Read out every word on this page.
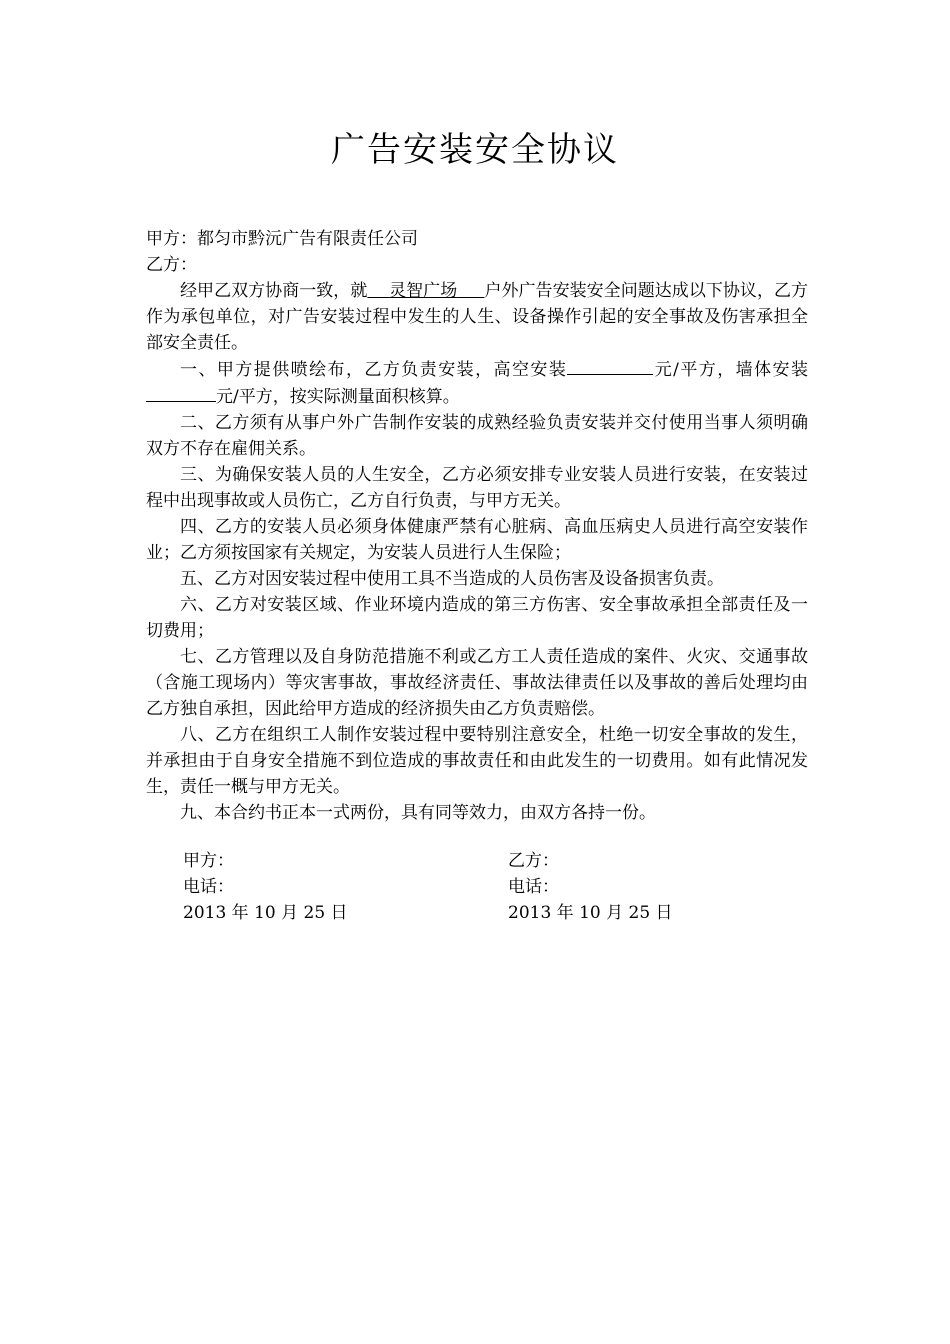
广告安装安全协议
甲方：都匀市黔沅广告有限责任公司
乙方：
经甲乙双方协商一致，就 灵智广场 户外广告安装安全问题达成以下协议，乙方作为承包单位，对广告安装过程中发生的人生、设备操作引起的安全事故及伤害承担全部安全责任。
一、甲方提供喷绘布，乙方负责安装，高空安装	元/平方，墙体安装元/平方，按实际测量面积核算。
二、乙方须有从事户外广告制作安装的成熟经验负责安装并交付使用当事人须明确双方不存在雇佣关系。
三、为确保安装人员的人生安全，乙方必须安排专业安装人员进行安装，在安装过程中出现事故或人员伤亡，乙方自行负责，与甲方无关。
四、乙方的安装人员必须身体健康严禁有心脏病、高血压病史人员进行高空安装作业；乙方须按国家有关规定，为安装人员进行人生保险；
五、乙方对因安装过程中使用工具不当造成的人员伤害及设备损害负责。
六、乙方对安装区域、作业环境内造成的第三方伤害、安全事故承担全部责任及一切费用；
七、乙方管理以及自身防范措施不利或乙方工人责任造成的案件、火灾、交通事故（含施工现场内）等灾害事故，事故经济责任、事故法律责任以及事故的善后处理均由乙方独自承担，因此给甲方造成的经济损失由乙方负责赔偿。
八、乙方在组织工人制作安装过程中要特别注意安全，杜绝一切安全事故的发生，并承担由于自身安全措施不到位造成的事故责任和由此发生的一切费用。如有此情况发生，责任一概与甲方无关。
九、本合约书正本一式两份，具有同等效力，由双方各持一份。
甲方：
电话：
2013 年 10 月 25 日
乙方：
电话：
2013 年 10 月 25 日
